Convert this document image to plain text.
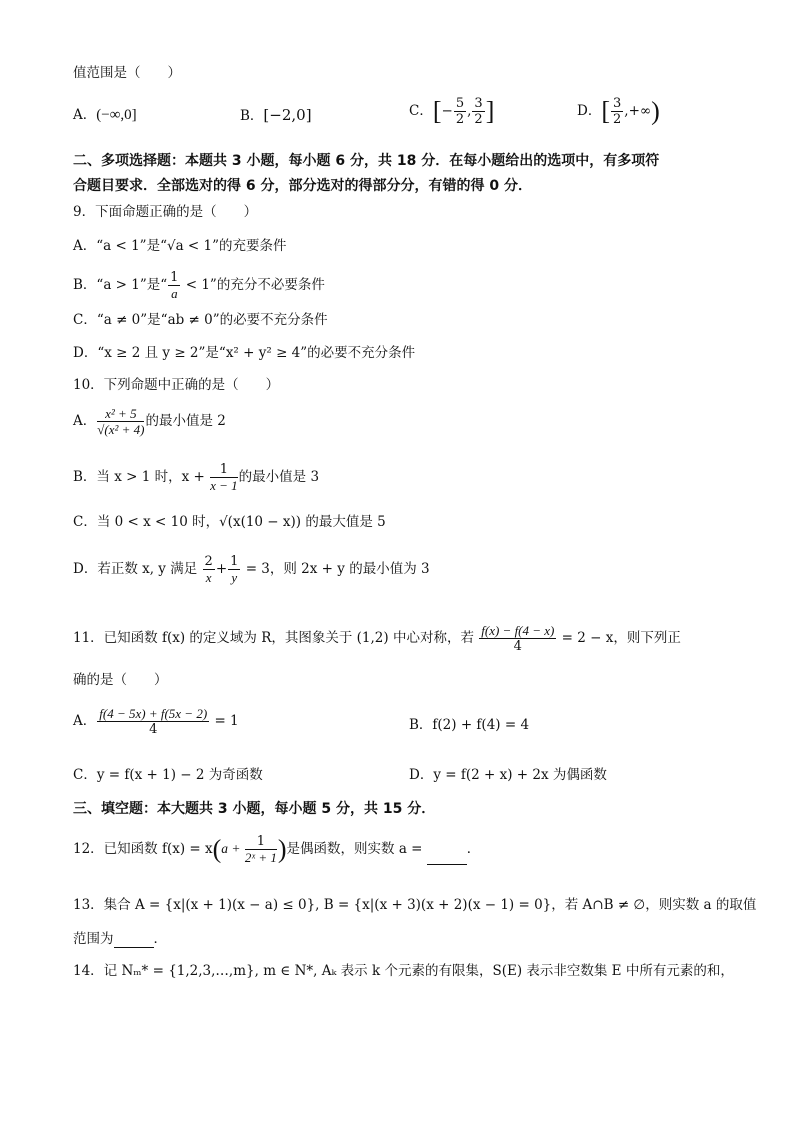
值范围是（　　）
A．(−∞,0]	B．[−2,0]	C．[− $\frac{5}{2}$ , $\frac{3}{2}$ ]	D．[ $\frac{3}{2}$ ,+∞)
二、多项选择题：本题共 3 小题，每小题 6 分，共 18 分．在每小题给出的选项中，有多项符
合题目要求．全部选对的得 6 分，部分选对的得部分分，有错的得 0 分．
9．下面命题正确的是（　　）
A．“a < 1”是“√a < 1”的充要条件
B．“a > 1”是“ $\frac{1}{a} < 1$”的充分不必要条件
C．“a ≠ 0”是“ab ≠ 0”的必要不充分条件
D．“x ≥ 2 且 y ≥ 2”是“x² + y² ≥ 4”的必要不充分条件
10．下列命题中正确的是（　　）
A． $\frac{\text{x² + 5}}{\text{√(x² + 4)}}$ 的最小值是 2
B．当 x > 1 时，$x + \frac{1}{x - 1}$ 的最小值是 3
C．当 0 < x < 10 时，√(x(10 − x)) 的最大值是 5
D．若正数 x, y 满足 $\frac{2}{x} + \frac{1}{y} = 3$，则 2x + y 的最小值为 3
11．已知函数 f(x) 的定义域为 R，其图象关于 (1,2) 中心对称，若 $\frac{f(x) - f(4 - x)}{4} = 2 - x$，则下列正
确的是（　　）
A． $\frac{f(4 - 5x) + f(5x - 2)}{4} = 1$	B．f(2) + f(4) = 4
C．y = f(x + 1) − 2 为奇函数	D．y = f(2 + x) + 2x 为偶函数
三、填空题：本大题共 3 小题，每小题 5 分，共 15 分．
12．已知函数 $f(x) = x(a + \frac{1}{\text{2ˣ + 1}}$ )是偶函数，则实数 a =	．
13．集合 A = {x|(x + 1)(x − a) ≤ 0}, B = {x|(x + 3)(x + 2)(x − 1) = 0}，若 A∩B ≠ ∅，则实数 a 的取值
范围为	．
14．记 Nₘ* = {1,2,3,…,m}, m ∈ N*, Aₖ 表示 k 个元素的有限集，S(E) 表示非空数集 E 中所有元素的和，
